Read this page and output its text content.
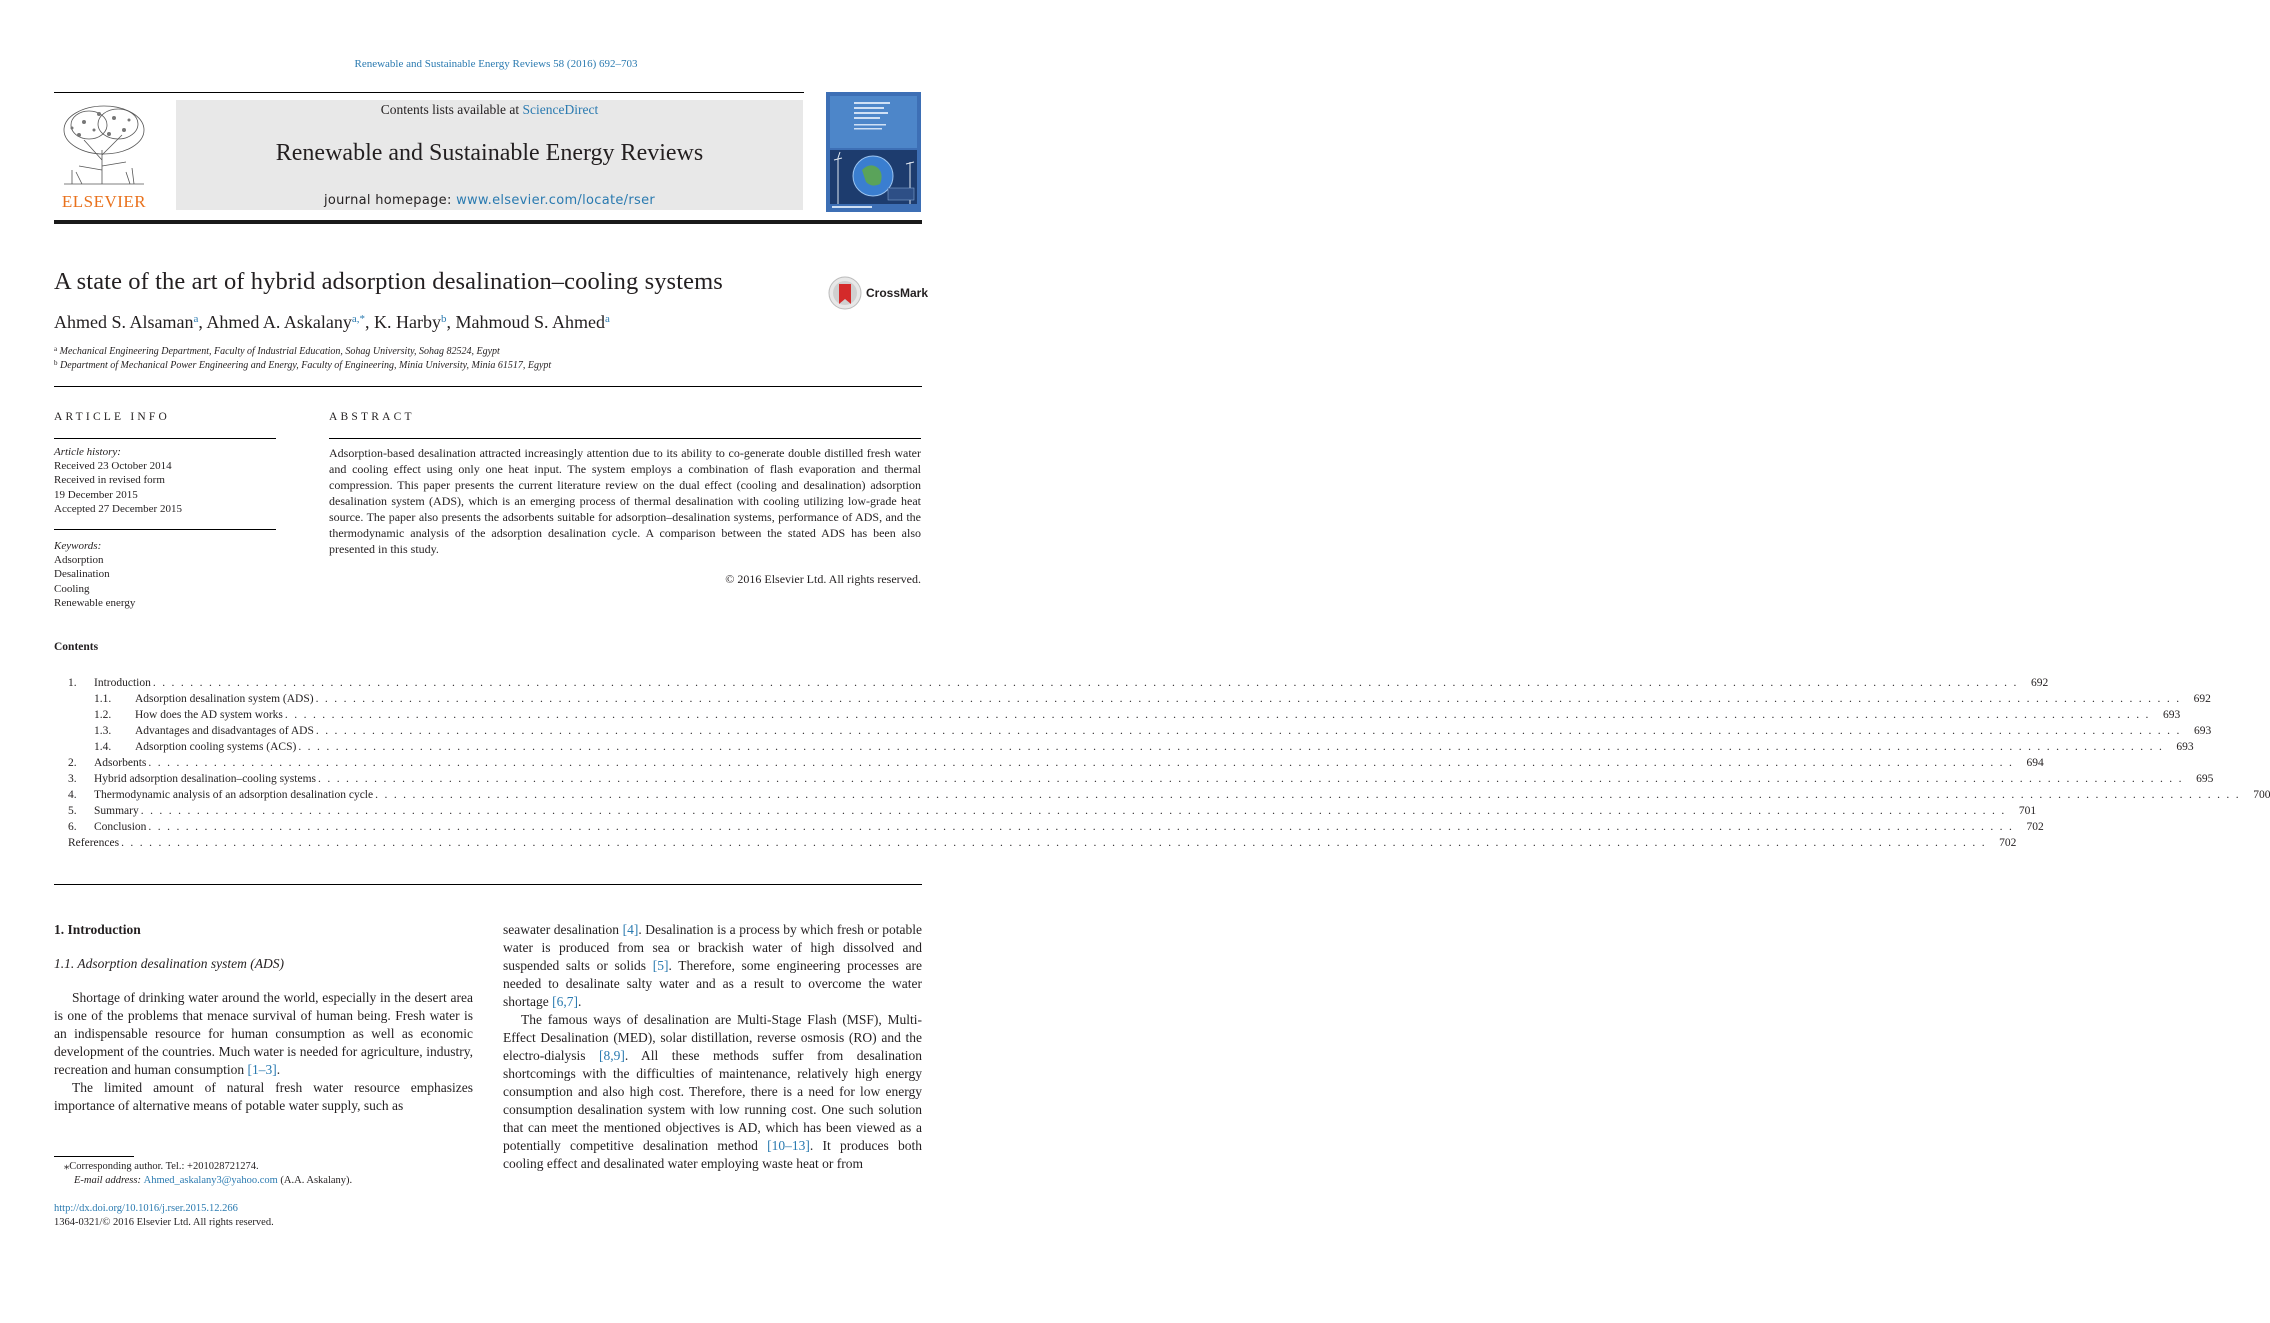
Renewable and Sustainable Energy Reviews 58 (2016) 692–703
ELSEVIER
Contents lists available at ScienceDirect
Renewable and Sustainable Energy Reviews
journal homepage: www.elsevier.com/locate/rser
A state of the art of hybrid adsorption desalination–cooling systems	CrossMark
Ahmed S. Alsaman$^a$, Ahmed A. Askalany$^{a,*}$, K. Harby$^b$, Mahmoud S. Ahmed$^a$
$^a$ Mechanical Engineering Department, Faculty of Industrial Education, Sohag University, Sohag 82524, Egypt
$^b$ Department of Mechanical Power Engineering and Energy, Faculty of Engineering, Minia University, Minia 61517, Egypt
ARTICLE INFO
Article history:
Received 23 October 2014
Received in revised form
19 December 2015
Accepted 27 December 2015
Keywords:
Adsorption
Desalination
Cooling
Renewable energy
ABSTRACT
Adsorption-based desalination attracted increasingly attention due to its ability to co-generate double distilled fresh water and cooling effect using only one heat input. The system employs a combination of flash evaporation and thermal compression. This paper presents the current literature review on the dual effect (cooling and desalination) adsorption desalination system (ADS), which is an emerging process of thermal desalination with cooling utilizing low-grade heat source. The paper also presents the adsorbents suitable for adsorption–desalination systems, performance of ADS, and the thermodynamic analysis of the adsorption desalination cycle. A comparison between the stated ADS has been also presented in this study.
© 2016 Elsevier Ltd. All rights reserved.
Contents
1.	Introduction . . . . . . . . . . . . . . . . . . . . . . . . . . . . . . . . . . . . . . . . . . . . . . . . . . . . . . . . . . . . . . . . . . . . . . . . . . . . . . . . . . . . . . . . . . . . . . . . . . . . . . . . . . . . . . . . . . . . . . . . . . . . . . . . . . . . . . . . . . . . . . . . . . . . . . . . . . . . . . . . . . . . . . . . . . . . . . . . . . . . . . . . . . . . . . . . . . . . . . . .	692
1.1.	Adsorption desalination system (ADS) . . . . . . . . . . . . . . . . . . . . . . . . . . . . . . . . . . . . . . . . . . . . . . . . . . . . . . . . . . . . . . . . . . . . . . . . . . . . . . . . . . . . . . . . . . . . . . . . . . . . . . . . . . . . . . . . . . . . . . . . . . . . . . . . . . . . . . . . . . . . . . . . . . . . . . . . . . . . . . . . . . . . . . . . . . . . . . . . . . . . . . . . . . . . . . . . . . . . . . . .	692
1.2.	How does the AD system works . . . . . . . . . . . . . . . . . . . . . . . . . . . . . . . . . . . . . . . . . . . . . . . . . . . . . . . . . . . . . . . . . . . . . . . . . . . . . . . . . . . . . . . . . . . . . . . . . . . . . . . . . . . . . . . . . . . . . . . . . . . . . . . . . . . . . . . . . . . . . . . . . . . . . . . . . . . . . . . . . . . . . . . . . . . . . . . . . . . . . . . . . . . . . . . . . . . . . . . .	693
1.3.	Advantages and disadvantages of ADS . . . . . . . . . . . . . . . . . . . . . . . . . . . . . . . . . . . . . . . . . . . . . . . . . . . . . . . . . . . . . . . . . . . . . . . . . . . . . . . . . . . . . . . . . . . . . . . . . . . . . . . . . . . . . . . . . . . . . . . . . . . . . . . . . . . . . . . . . . . . . . . . . . . . . . . . . . . . . . . . . . . . . . . . . . . . . . . . . . . . . . . . . . . . . . . . . . . . . . . .	693
1.4.	Adsorption cooling systems (ACS) . . . . . . . . . . . . . . . . . . . . . . . . . . . . . . . . . . . . . . . . . . . . . . . . . . . . . . . . . . . . . . . . . . . . . . . . . . . . . . . . . . . . . . . . . . . . . . . . . . . . . . . . . . . . . . . . . . . . . . . . . . . . . . . . . . . . . . . . . . . . . . . . . . . . . . . . . . . . . . . . . . . . . . . . . . . . . . . . . . . . . . . . . . . . . . . . . . . . . . . .	693
2.	Adsorbents . . . . . . . . . . . . . . . . . . . . . . . . . . . . . . . . . . . . . . . . . . . . . . . . . . . . . . . . . . . . . . . . . . . . . . . . . . . . . . . . . . . . . . . . . . . . . . . . . . . . . . . . . . . . . . . . . . . . . . . . . . . . . . . . . . . . . . . . . . . . . . . . . . . . . . . . . . . . . . . . . . . . . . . . . . . . . . . . . . . . . . . . . . . . . . . . . . . . . . . .	694
3.	Hybrid adsorption desalination–cooling systems . . . . . . . . . . . . . . . . . . . . . . . . . . . . . . . . . . . . . . . . . . . . . . . . . . . . . . . . . . . . . . . . . . . . . . . . . . . . . . . . . . . . . . . . . . . . . . . . . . . . . . . . . . . . . . . . . . . . . . . . . . . . . . . . . . . . . . . . . . . . . . . . . . . . . . . . . . . . . . . . . . . . . . . . . . . . . . . . . . . . . . . . . . . . . . . . . . . . . . . .	695
4.	Thermodynamic analysis of an adsorption desalination cycle . . . . . . . . . . . . . . . . . . . . . . . . . . . . . . . . . . . . . . . . . . . . . . . . . . . . . . . . . . . . . . . . . . . . . . . . . . . . . . . . . . . . . . . . . . . . . . . . . . . . . . . . . . . . . . . . . . . . . . . . . . . . . . . . . . . . . . . . . . . . . . . . . . . . . . . . . . . . . . . . . . . . . . . . . . . . . . . . . . . . . . . . . . . . . . . . . . . . . . . .	700
5.	Summary . . . . . . . . . . . . . . . . . . . . . . . . . . . . . . . . . . . . . . . . . . . . . . . . . . . . . . . . . . . . . . . . . . . . . . . . . . . . . . . . . . . . . . . . . . . . . . . . . . . . . . . . . . . . . . . . . . . . . . . . . . . . . . . . . . . . . . . . . . . . . . . . . . . . . . . . . . . . . . . . . . . . . . . . . . . . . . . . . . . . . . . . . . . . . . . . . . . . . . . .	701
6.	Conclusion . . . . . . . . . . . . . . . . . . . . . . . . . . . . . . . . . . . . . . . . . . . . . . . . . . . . . . . . . . . . . . . . . . . . . . . . . . . . . . . . . . . . . . . . . . . . . . . . . . . . . . . . . . . . . . . . . . . . . . . . . . . . . . . . . . . . . . . . . . . . . . . . . . . . . . . . . . . . . . . . . . . . . . . . . . . . . . . . . . . . . . . . . . . . . . . . . . . . . . . .	702
References . . . . . . . . . . . . . . . . . . . . . . . . . . . . . . . . . . . . . . . . . . . . . . . . . . . . . . . . . . . . . . . . . . . . . . . . . . . . . . . . . . . . . . . . . . . . . . . . . . . . . . . . . . . . . . . . . . . . . . . . . . . . . . . . . . . . . . . . . . . . . . . . . . . . . . . . . . . . . . . . . . . . . . . . . . . . . . . . . . . . . . . . . . . . . . . . . . . . . . . .	702
1. Introduction
1.1. Adsorption desalination system (ADS)

Shortage of drinking water around the world, especially in the desert area is one of the problems that menace survival of human being. Fresh water is an indispensable resource for human consumption as well as economic development of the countries. Much water is needed for agriculture, industry, recreation and human consumption [1–3].

The limited amount of natural fresh water resource emphasizes importance of alternative means of potable water supply, such as

seawater desalination [4]. Desalination is a process by which fresh or potable water is produced from sea or brackish water of high dissolved and suspended salts or solids [5]. Therefore, some engineering processes are needed to desalinate salty water and as a result to overcome the water shortage [6,7].

The famous ways of desalination are Multi-Stage Flash (MSF), Multi-Effect Desalination (MED), solar distillation, reverse osmosis (RO) and the electro-dialysis [8,9]. All these methods suffer from desalination shortcomings with the difficulties of maintenance, relatively high energy consumption and also high cost. Therefore, there is a need for low energy consumption desalination system with low running cost. One such solution that can meet the mentioned objectives is AD, which has been viewed as a potentially competitive desalination method [10–13]. It produces both cooling effect and desalinated water employing waste heat or from

⁎Corresponding author. Tel.: +201028721274.
E-mail address: Ahmed_askalany3@yahoo.com (A.A. Askalany).
http://dx.doi.org/10.1016/j.rser.2015.12.266
1364-0321/© 2016 Elsevier Ltd. All rights reserved.
